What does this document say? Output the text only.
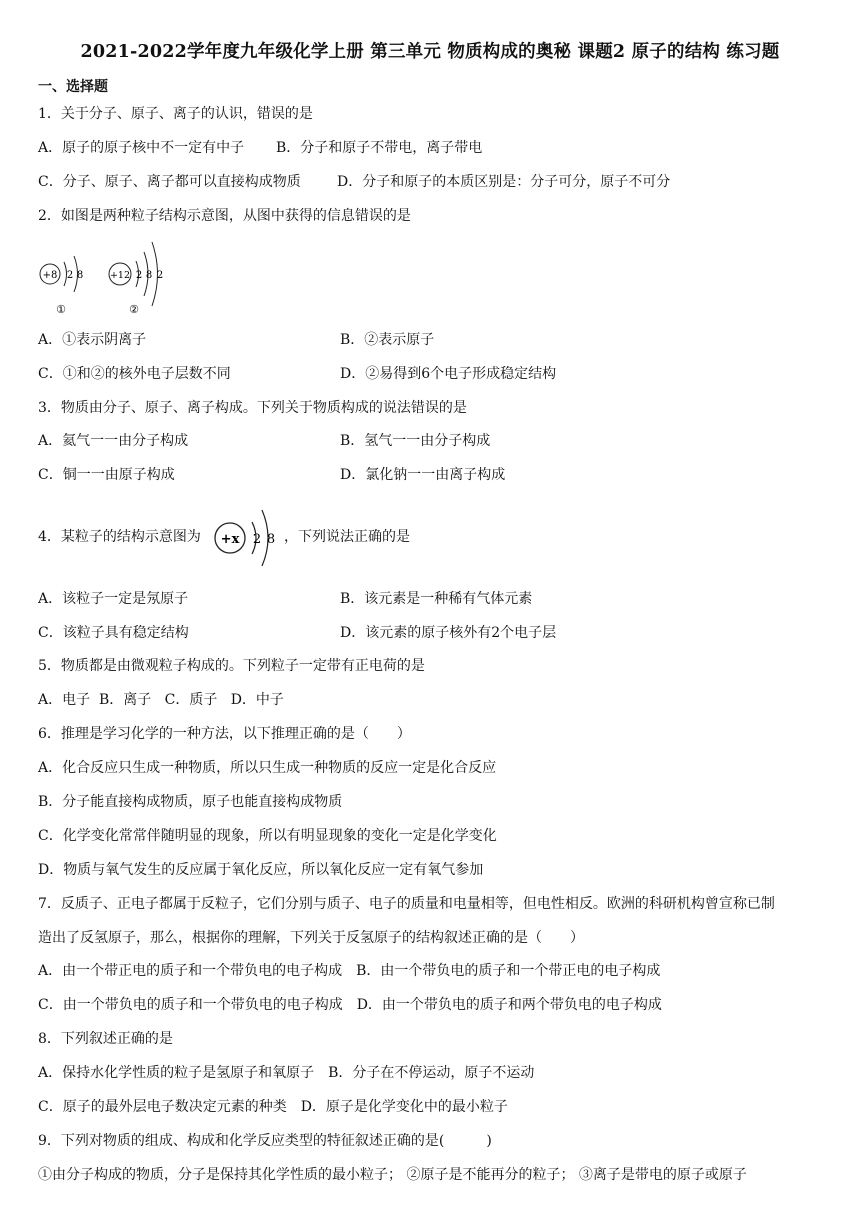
2021-2022学年度九年级化学上册 第三单元 物质构成的奥秘 课题2 原子的结构 练习题
一、选择题
1．关于分子、原子、离子的认识，错误的是
A．原子的原子核中不一定有中子 B．分子和原子不带电，离子带电
C．分子、原子、离子都可以直接构成物质	D．分子和原子的本质区别是：分子可分，原子不可分
2．如图是两种粒子结构示意图，从图中获得的信息错误的是
+8 2 8
①
+12 2 8 2
②
A．①表示阴离子	B．②表示原子
C．①和②的核外电子层数不同	D．②易得到6个电子形成稳定结构
3．物质由分子、原子、离子构成。下列关于物质构成的说法错误的是
A．氦气一一由分子构成	B．氢气一一由分子构成
C．铜一一由原子构成	D．氯化钠一一由离子构成
4．某粒子的结构示意图为 +x 2 8 ，下列说法正确的是
A．该粒子一定是氖原子	B．该元素是一种稀有气体元素
C．该粒子具有稳定结构	D．该元素的原子核外有2个电子层
5．物质都是由微观粒子构成的。下列粒子一定带有正电荷的是
A．电子  B．离子   C．质子   D．中子
6．推理是学习化学的一种方法，以下推理正确的是（　　）
A．化合反应只生成一种物质，所以只生成一种物质的反应一定是化合反应
B．分子能直接构成物质，原子也能直接构成物质
C．化学变化常常伴随明显的现象，所以有明显现象的变化一定是化学变化
D．物质与氧气发生的反应属于氧化反应，所以氧化反应一定有氧气参加
7．反质子、正电子都属于反粒子，它们分别与质子、电子的质量和电量相等，但电性相反。欧洲的科研机构曾宣称已制
造出了反氢原子，那么，根据你的理解，下列关于反氢原子的结构叙述正确的是（　　）
A．由一个带正电的质子和一个带负电的电子构成　B．由一个带负电的质子和一个带正电的电子构成
C．由一个带负电的质子和一个带负电的电子构成　D．由一个带负电的质子和两个带负电的电子构成
8．下列叙述正确的是
A．保持水化学性质的粒子是氢原子和氧原子　B．分子在不停运动，原子不运动
C．原子的最外层电子数决定元素的种类　D．原子是化学变化中的最小粒子
9．下列对物质的组成、构成和化学反应类型的特征叙述正确的是(　　　)
①由分子构成的物质，分子是保持其化学性质的最小粒子； ②原子是不能再分的粒子； ③离子是带电的原子或原子
